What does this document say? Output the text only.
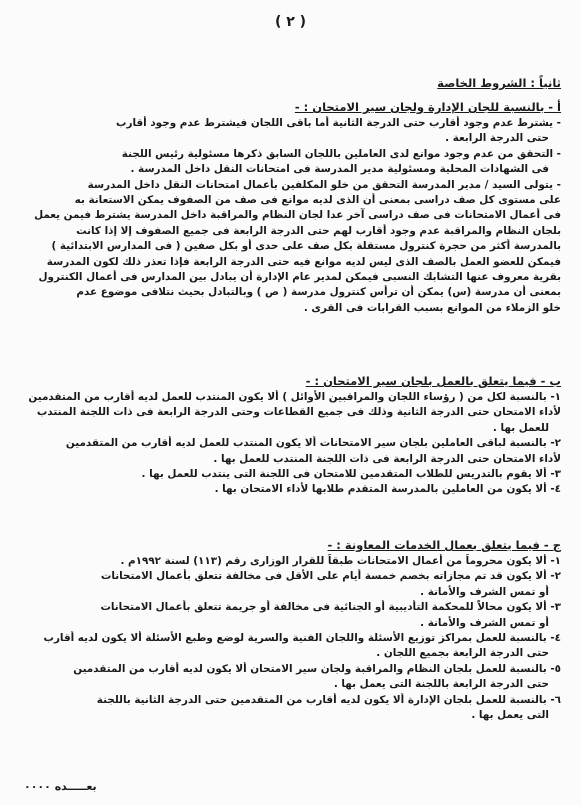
( ٢ )
ثانياً : الشروط الخاصة
أ - بالنسبة للجان الإدارة ولجان سير الامتحان : -
- يشترط عدم وجود أقارب حتى الدرجة الثانية أما باقى اللجان فيشترط عدم وجود أقارب
حتى الدرجة الرابعة .
- التحقق من عدم وجود موانع لدى العاملين باللجان السابق ذكرها مسئولية رئيس اللجنة
فى الشهادات المحلية ومسئولية مدير المدرسة فى امتحانات النقل داخل المدرسة .
- يتولى السيد / مدير المدرسة التحقق من خلو المكلفين بأعمال امتحانات النقل داخل المدرسة
على مستوى كل صف دراسى بمعنى أن الذى لديه موانع فى صف من الصفوف يمكن الاستعانة به
فى أعمال الامتحانات فى صف دراسى آخر عدا لجان النظام والمراقبة داخل المدرسة يشترط فيمن يعمل
بلجان النظام والمراقبة عدم وجود أقارب لهم حتى الدرجة الرابعة فى جميع الصفوف إلا إذا كانت
بالمدرسة أكثر من حجرة كنترول مستقلة بكل صف على حدى أو بكل صفين ( فى المدارس الابتدائية )
فيمكن للعضو العمل بالصف الذى ليس لديه موانع فيه حتى الدرجة الرابعة فإذا تعذر ذلك لكون المدرسة
بقرية معروف عنها التشابك النسبى فيمكن لمدير عام الإدارة أن يبادل بين المدارس فى أعمال الكنترول
بمعنى أن مدرسة (س) يمكن أن ترأس كنترول مدرسة ( ص ) وبالتبادل بحيث نتلافى موضوع عدم
خلو الزملاء من الموانع بسبب القرابات فى القرى .
ب - فيما يتعلق بالعمل بلجان سير الامتحان : -
١- بالنسبة لكل من ( رؤساء اللجان والمراقبين الأوائل ) ألا يكون المنتدب للعمل لديه أقارب من المتقدمين
لأداء الامتحان حتى الدرجة الثانية وذلك فى جميع القطاعات وحتى الدرجة الرابعة فى ذات اللجنة المنتدب
للعمل بها .
٢- بالنسبة لباقى العاملين بلجان سير الامتحانات ألا يكون المنتدب للعمل لديه أقارب من المتقدمين
لأداء الامتحان حتى الدرجة الرابعة فى ذات اللجنة المنتدب للعمل بها .
٣- ألا يقوم بالتدريس للطلاب المتقدمين للامتحان فى اللجنة التى ينتدب للعمل بها .
٤- ألا يكون من العاملين بالمدرسة المتقدم طلابها لأداء الامتحان بها .
ج - فيما يتعلق بعمال الخدمات المعاونة : -
١- ألا يكون محروماً من أعمال الامتحانات طبقاً للقرار الوزارى رقم (١١٣) لسنة ١٩٩٢م .
٢- ألا يكون قد تم مجازاته بخصم خمسة أيام على الأقل فى مخالفة تتعلق بأعمال الامتحانات
أو تمس الشرف والأمانة .
٣- ألا يكون محالاً للمحكمة التأديبية أو الجنائية فى مخالفة أو جريمة تتعلق بأعمال الامتحانات
أو تمس الشرف والأمانة .
٤- بالنسبة للعمل بمراكز توزيع الأسئلة واللجان الفنية والسرية لوضع وطبع الأسئلة ألا يكون لديه أقارب
حتى الدرجة الرابعة بجميع اللجان .
٥- بالنسبة للعمل بلجان النظام والمراقبة ولجان سير الامتحان ألا يكون لديه أقارب من المتقدمين
حتى الدرجة الرابعة باللجنة التى يعمل بها .
٦- بالنسبة للعمل بلجان الإدارة ألا يكون لديه أقارب من المتقدمين حتى الدرجة الثانية باللجنة
التى يعمل بها .
بعـــــده ٠٠٠٠
